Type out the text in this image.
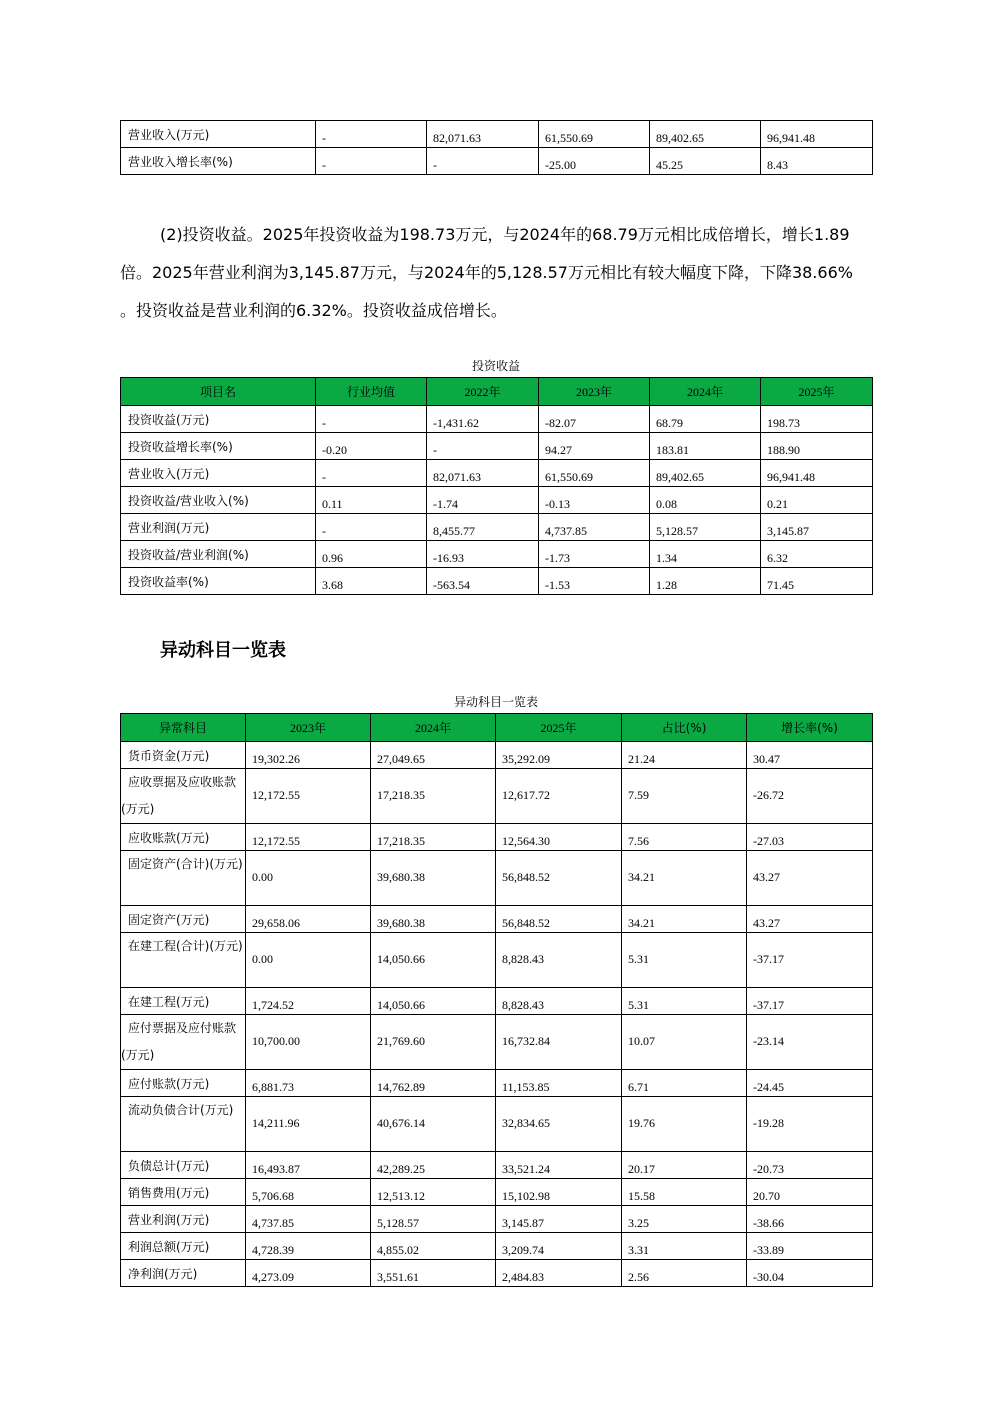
营业收入(万元)	-	82,071.63	61,550.69	89,402.65	96,941.48
营业收入增长率(%)	-	-	-25.00	45.25	8.43
(2)投资收益。2025年投资收益为198.73万元，与2024年的68.79万元相比成倍增长，增长1.89
倍。2025年营业利润为3,145.87万元，与2024年的5,128.57万元相比有较大幅度下降，下降38.66%
。投资收益是营业利润的6.32%。投资收益成倍增长。
投资收益
项目名	行业均值	2022年	2023年	2024年	2025年
投资收益(万元)	-	-1,431.62	-82.07	68.79	198.73
投资收益增长率(%)	-0.20	-	94.27	183.81	188.90
营业收入(万元)	-	82,071.63	61,550.69	89,402.65	96,941.48
投资收益/营业收入(%)	0.11	-1.74	-0.13	0.08	0.21
营业利润(万元)	-	8,455.77	4,737.85	5,128.57	3,145.87
投资收益/营业利润(%)	0.96	-16.93	-1.73	1.34	6.32
投资收益率(%)	3.68	-563.54	-1.53	1.28	71.45
异动科目一览表
异动科目一览表
异常科目	2023年	2024年	2025年	占比(%)	增长率(%)
货币资金(万元)	19,302.26	27,049.65	35,292.09	21.24	30.47
应收票据及应收账款(万元)	12,172.55	17,218.35	12,617.72	7.59	-26.72
应收账款(万元)	12,172.55	17,218.35	12,564.30	7.56	-27.03
固定资产(合计)(万元)	0.00	39,680.38	56,848.52	34.21	43.27
固定资产(万元)	29,658.06	39,680.38	56,848.52	34.21	43.27
在建工程(合计)(万元)	0.00	14,050.66	8,828.43	5.31	-37.17
在建工程(万元)	1,724.52	14,050.66	8,828.43	5.31	-37.17
应付票据及应付账款(万元)	10,700.00	21,769.60	16,732.84	10.07	-23.14
应付账款(万元)	6,881.73	14,762.89	11,153.85	6.71	-24.45
流动负债合计(万元)	14,211.96	40,676.14	32,834.65	19.76	-19.28
负债总计(万元)	16,493.87	42,289.25	33,521.24	20.17	-20.73
销售费用(万元)	5,706.68	12,513.12	15,102.98	15.58	20.70
营业利润(万元)	4,737.85	5,128.57	3,145.87	3.25	-38.66
利润总额(万元)	4,728.39	4,855.02	3,209.74	3.31	-33.89
净利润(万元)	4,273.09	3,551.61	2,484.83	2.56	-30.04
